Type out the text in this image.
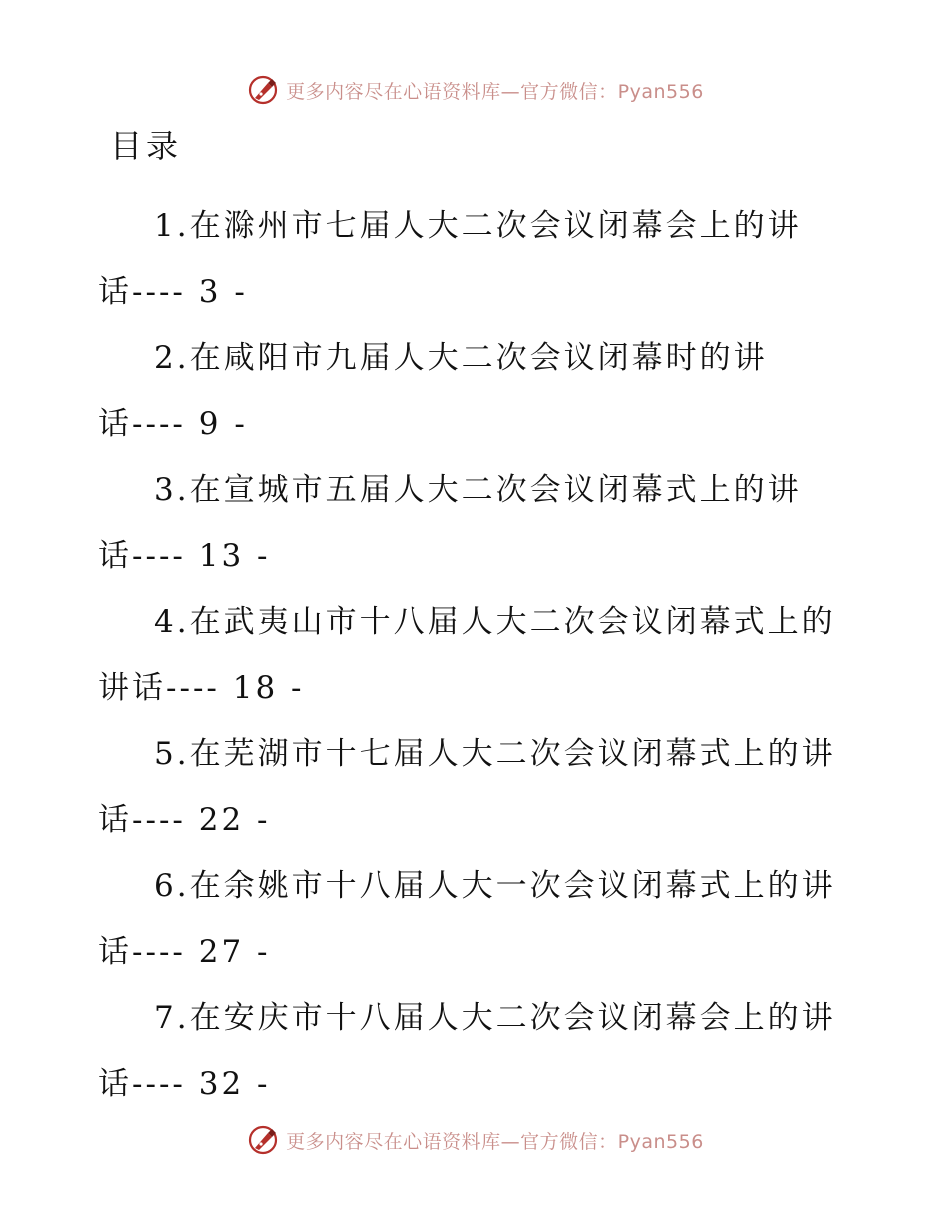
更多内容尽在心语资料库—官方微信：Pyan556
目录
1.在滁州市七届人大二次会议闭幕会上的讲
话---- 3 -
2.在咸阳市九届人大二次会议闭幕时的讲
话---- 9 -
3.在宣城市五届人大二次会议闭幕式上的讲
话---- 13 -
4.在武夷山市十八届人大二次会议闭幕式上的
讲话---- 18 -
5.在芜湖市十七届人大二次会议闭幕式上的讲
话---- 22 -
6.在余姚市十八届人大一次会议闭幕式上的讲
话---- 27 -
7.在安庆市十八届人大二次会议闭幕会上的讲
话---- 32 -
更多内容尽在心语资料库—官方微信：Pyan556
